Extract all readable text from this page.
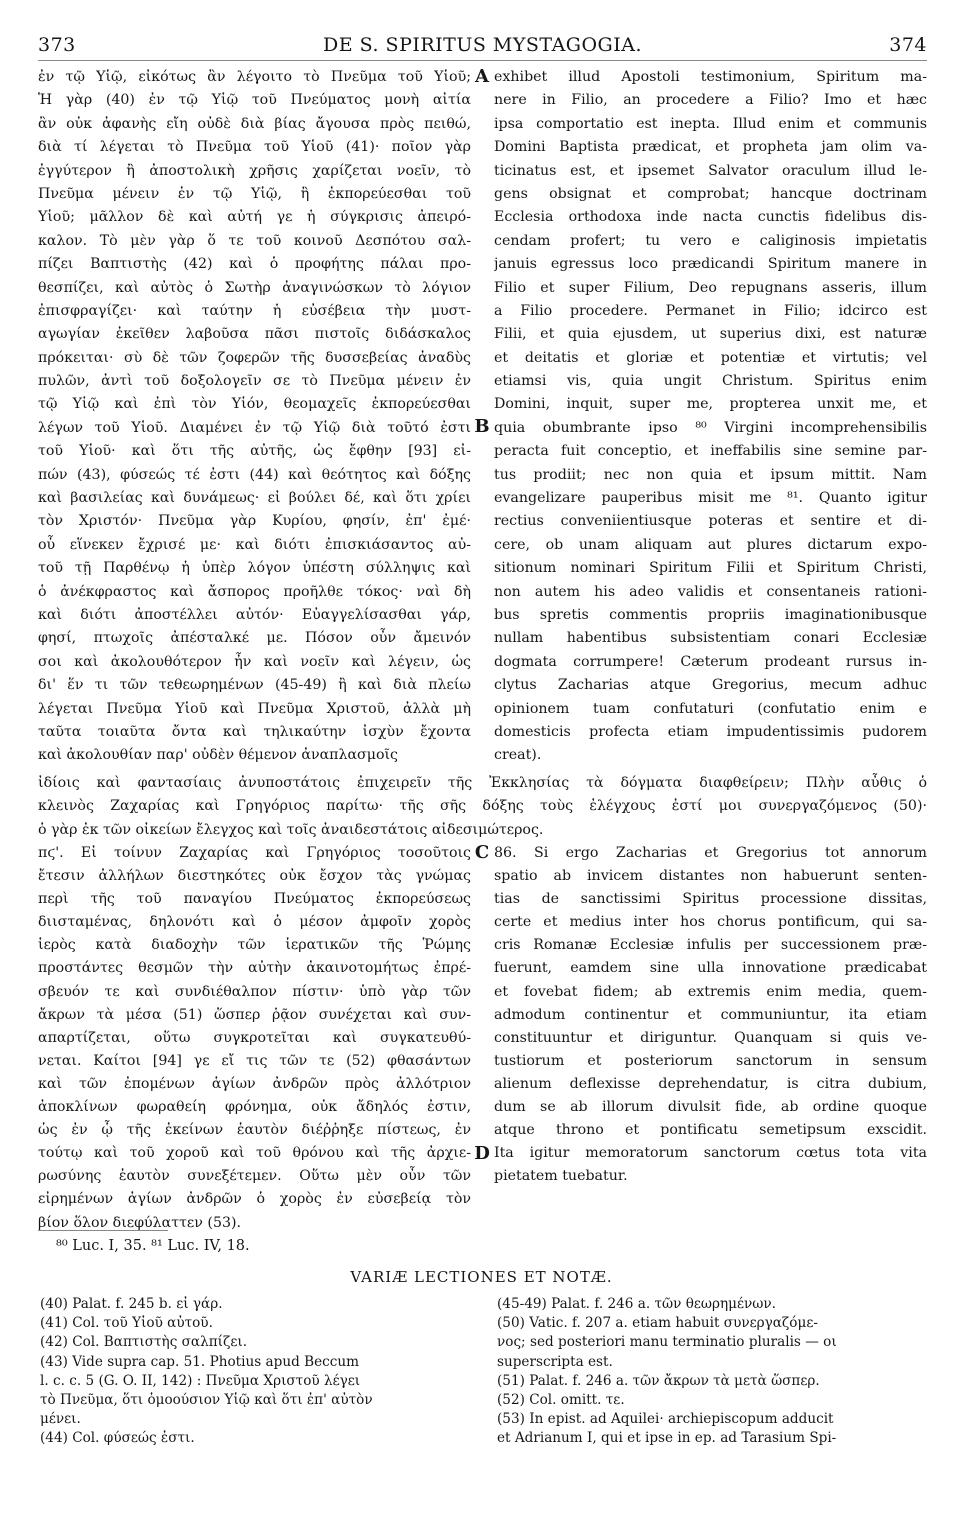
373	DE S. SPIRITUS MYSTAGOGIA.	374
ἐν τῷ Υἱῷ, εἰκότως ἂν λέγοιτο τὸ Πνεῦμα τοῦ Υἱοῦ;
Ἡ γὰρ (40) ἐν τῷ Υἱῷ τοῦ Πνεύματος μονὴ αἰτία
ἂν οὐκ ἀφανὴς εἴη οὐδὲ διὰ βίας ἄγουσα πρὸς πειθώ,
διὰ τί λέγεται τὸ Πνεῦμα τοῦ Υἱοῦ (41)· ποῖον γὰρ
ἐγγύτερον ἢ ἀποστολικὴ χρῆσις χαρίζεται νοεῖν, τὸ
Πνεῦμα μένειν ἐν τῷ Υἱῷ, ἢ ἐκπορεύεσθαι τοῦ
Υἱοῦ; μᾶλλον δὲ καὶ αὐτή γε ἡ σύγκρισις ἀπειρό-
καλον. Τὸ μὲν γὰρ ὅ τε τοῦ κοινοῦ Δεσπότου σαλ-
πίζει Βαπτιστὴς (42) καὶ ὁ προφήτης πάλαι προ-
θεσπίζει, καὶ αὐτὸς ὁ Σωτὴρ ἀναγινώσκων τὸ λόγιον
ἐπισφραγίζει· καὶ ταύτην ἡ εὐσέβεια τὴν μυστ-
αγωγίαν ἐκεῖθεν λαβοῦσα πᾶσι πιστοῖς διδάσκαλος
πρόκειται· σὺ δὲ τῶν ζοφερῶν τῆς δυσσεβείας ἀναδὺς
πυλῶν, ἀντὶ τοῦ δοξολογεῖν σε τὸ Πνεῦμα μένειν ἐν
τῷ Υἱῷ καὶ ἐπὶ τὸν Υἱόν, θεομαχεῖς ἐκπορεύεσθαι
λέγων τοῦ Υἱοῦ. Διαμένει ἐν τῷ Υἱῷ διὰ τοῦτό ἐστι
τοῦ Υἱοῦ· καὶ ὅτι τῆς αὐτῆς, ὡς ἔφθην [93] εἰ-
πών (43), φύσεώς τέ ἐστι (44) καὶ θεότητος καὶ δόξης
καὶ βασιλείας καὶ δυνάμεως· εἰ βούλει δέ, καὶ ὅτι χρίει
τὸν Χριστόν· Πνεῦμα γὰρ Κυρίου, φησίν, ἐπ' ἐμέ·
οὗ εἵνεκεν ἔχρισέ με· καὶ διότι ἐπισκιάσαντος αὐ-
τοῦ τῇ Παρθένῳ ἡ ὑπὲρ λόγον ὑπέστη σύλληψις καὶ
ὁ ἀνέκφραστος καὶ ἄσπορος προῆλθε τόκος· ναὶ δὴ
καὶ διότι ἀποστέλλει αὐτόν· Εὐαγγελίσασθαι γάρ,
φησί, πτωχοῖς ἀπέσταλκέ με. Πόσον οὖν ἄμεινόν
σοι καὶ ἀκολουθότερον ἦν καὶ νοεῖν καὶ λέγειν, ὡς
δι' ἕν τι τῶν τεθεωρημένων (45-49) ἢ καὶ διὰ πλείω
λέγεται Πνεῦμα Υἱοῦ καὶ Πνεῦμα Χριστοῦ, ἀλλὰ μὴ
ταῦτα τοιαῦτα ὄντα καὶ τηλικαύτην ἰσχὺν ἔχοντα
καὶ ἀκολουθίαν παρ' οὐδὲν θέμενον ἀναπλασμοῖς
exhibet illud Apostoli testimonium, Spiritum ma-
nere in Filio, an procedere a Filio? Imo et hæc
ipsa comportatio est inepta. Illud enim et communis
Domini Baptista prædicat, et propheta jam olim va-
ticinatus est, et ipsemet Salvator oraculum illud le-
gens obsignat et comprobat; hancque doctrinam
Ecclesia orthodoxa inde nacta cunctis fidelibus dis-
cendam profert; tu vero e caliginosis impietatis
januis egressus loco prædicandi Spiritum manere in
Filio et super Filium, Deo repugnans asseris, illum
a Filio procedere. Permanet in Filio; idcirco est
Filii, et quia ejusdem, ut superius dixi, est naturæ
et deitatis et gloriæ et potentiæ et virtutis; vel
etiamsi vis, quia ungit Christum. Spiritus enim
Domini, inquit, super me, propterea unxit me, et
quia obumbrante ipso ⁸⁰ Virgini incomprehensibilis
peracta fuit conceptio, et ineffabilis sine semine par-
tus prodiit; nec non quia et ipsum mittit. Nam
evangelizare pauperibus misit me ⁸¹. Quanto igitur
rectius conveniientiusque poteras et sentire et di-
cere, ob unam aliquam aut plures dictarum expo-
sitionum nominari Spiritum Filii et Spiritum Christi,
non autem his adeo validis et consentaneis rationi-
bus spretis commentis propriis imaginationibusque
nullam habentibus subsistentiam conari Ecclesiæ
dogmata corrumpere! Cæterum prodeant rursus in-
clytus Zacharias atque Gregorius, mecum adhuc
opinionem tuam confutaturi (confutatio enim e
domesticis profecta etiam impudentissimis pudorem
creat).
A
B
C
D
ἰδίοις καὶ φαντασίαις ἀνυποστάτοις ἐπιχειρεῖν τῆς Ἐκκλησίας τὰ δόγματα διαφθείρειν; Πλὴν αὖθις ὁ
κλεινὸς Ζαχαρίας καὶ Γρηγόριος παρίτω· τῆς σῆς δόξης τοὺς ἐλέγχους ἐστί μοι συνεργαζόμενος (50)·
ὁ γὰρ ἐκ τῶν οἰκείων ἔλεγχος καὶ τοῖς ἀναιδεστάτοις αἰδεσιμώτερος.
πϛ'. Εἰ τοίνυν Ζαχαρίας καὶ Γρηγόριος τοσοῦτοις
ἔτεσιν ἀλλήλων διεστηκότες οὐκ ἔσχον τὰς γνώμας
περὶ τῆς τοῦ παναγίου Πνεύματος ἐκπορεύσεως
διισταμένας, δηλονότι καὶ ὁ μέσον ἀμφοῖν χορὸς
ἱερὸς κατὰ διαδοχὴν τῶν ἱερατικῶν τῆς Ῥώμης
προστάντες θεσμῶν τὴν αὐτὴν ἀκαινοτομήτως ἐπρέ-
σβευόν τε καὶ συνδιέθαλπον πίστιν· ὑπὸ γὰρ τῶν
ἄκρων τὰ μέσα (51) ὥσπερ ῥᾷον συνέχεται καὶ συν-
απαρτίζεται, οὕτω συγκροτεῖται καὶ συγκατευθύ-
νεται. Καίτοι [94] γε εἴ τις τῶν τε (52) φθασάντων
καὶ τῶν ἐπομένων ἁγίων ἀνδρῶν πρὸς ἀλλότριον
ἀποκλίνων φωραθείη φρόνημα, οὐκ ἄδηλός ἐστιν,
ὡς ἐν ᾧ τῆς ἐκείνων ἑαυτὸν διέῤῥηξε πίστεως, ἐν
τούτῳ καὶ τοῦ χοροῦ καὶ τοῦ θρόνου καὶ τῆς ἀρχιε-
ρωσύνης ἑαυτὸν συνεξέτεμεν. Οὕτω μὲν οὖν τῶν
εἰρημένων ἁγίων ἀνδρῶν ὁ χορὸς ἐν εὐσεβείᾳ τὸν
βίον ὅλον διεφύλαττεν (53).
86. Si ergo Zacharias et Gregorius tot annorum
spatio ab invicem distantes non habuerunt senten-
tias de sanctissimi Spiritus processione dissitas,
certe et medius inter hos chorus pontificum, qui sa-
cris Romanæ Ecclesiæ infulis per successionem præ-
fuerunt, eamdem sine ulla innovatione prædicabat
et fovebat fidem; ab extremis enim media, quem-
admodum continentur et communiuntur, ita etiam
constituuntur et diriguntur. Quanquam si quis ve-
tustiorum et posteriorum sanctorum in sensum
alienum deflexisse deprehendatur, is citra dubium,
dum se ab illorum divulsit fide, ab ordine quoque
atque throno et pontificatu semetipsum exscidit.
Ita igitur memoratorum sanctorum cœtus tota vita
pietatem tuebatur.
⁸⁰ Luc. I, 35. ⁸¹ Luc. IV, 18.
VARIÆ LECTIONES ET NOTÆ.
(40) Palat. f. 245 b. εἰ γάρ.
(41) Col. τοῦ Υἱοῦ αὐτοῦ.
(42) Col. Βαπτιστὴς σαλπίζει.
(43) Vide supra cap. 51. Photius apud Beccum
l. c. c. 5 (G. O. II, 142) : Πνεῦμα Χριστοῦ λέγει
τὸ Πνεῦμα, ὅτι ὁμοούσιον Υἱῷ καὶ ὅτι ἐπ' αὐτὸν
μένει.
(44) Col. φύσεώς ἐστι.
(45-49) Palat. f. 246 a. τῶν θεωρημένων.
(50) Vatic. f. 207 a. etiam habuit συνεργαζόμε-
νος; sed posteriori manu terminatio pluralis — οι
superscripta est.
(51) Palat. f. 246 a. τῶν ἄκρων τὰ μετὰ ὥσπερ.
(52) Col. omitt. τε.
(53) In epist. ad Aquilei· archiepiscopum adducit
et Adrianum I, qui et ipse in ep. ad Tarasium Spi-
